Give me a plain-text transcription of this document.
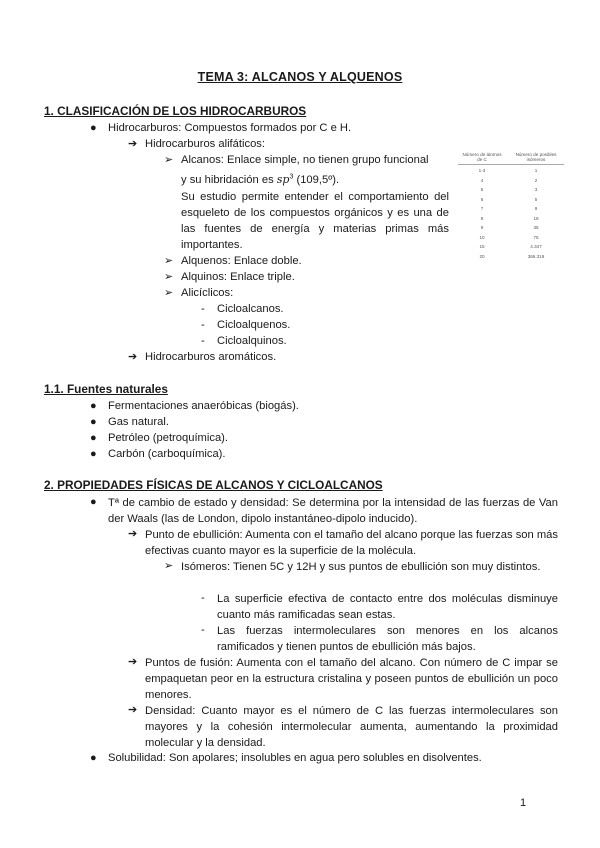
TEMA 3: ALCANOS Y ALQUENOS
1. CLASIFICACIÓN DE LOS HIDROCARBUROS
● Hidrocarburos: Compuestos formados por C e H.
➔ Hidrocarburos alifáticos:
➢ Alcanos: Enlace simple, no tienen grupo funcional
y su hibridación es $sp^3$ (109,5º).
Su estudio permite entender el comportamiento del esqueleto de los compuestos orgánicos y es una de las fuentes de energía y materias primas más importantes.
➢ Alquenos: Enlace doble.
➢ Alquinos: Enlace triple.
➢ Alicíclicos:
- Cicloalcanos.
- Cicloalquenos.
- Cicloalquinos.
➔ Hidrocarburos aromáticos.
Número de átomos de C
Número de posibles isómeros
1-3	1
4	2
5	3
6	5
7	9
8	18
9	35
10	75
15	4.347
20	366.319
1.1. Fuentes naturales
● Fermentaciones anaeróbicas (biogás).
● Gas natural.
● Petróleo (petroquímica).
● Carbón (carboquímica).
2. PROPIEDADES FÍSICAS DE ALCANOS Y CICLOALCANOS
● Tª de cambio de estado y densidad: Se determina por la intensidad de las fuerzas de Van der Waals (las de London, dipolo instantáneo-dipolo inducido).
➔ Punto de ebullición: Aumenta con el tamaño del alcano porque las fuerzas son más efectivas cuanto mayor es la superficie de la molécula.
➢ Isómeros: Tienen 5C y 12H y sus puntos de ebullición son muy distintos.
- La superficie efectiva de contacto entre dos moléculas disminuye cuanto más ramificadas sean estas.
- Las fuerzas intermoleculares son menores en los alcanos ramificados y tienen puntos de ebullición más bajos.
➔ Puntos de fusión: Aumenta con el tamaño del alcano. Con número de C impar se empaquetan peor en la estructura cristalina y poseen puntos de ebullición un poco menores.
➔ Densidad: Cuanto mayor es el número de C las fuerzas intermoleculares son mayores y la cohesión intermolecular aumenta, aumentando la proximidad molecular y la densidad.
● Solubilidad: Son apolares; insolubles en agua pero solubles en disolventes.
1
